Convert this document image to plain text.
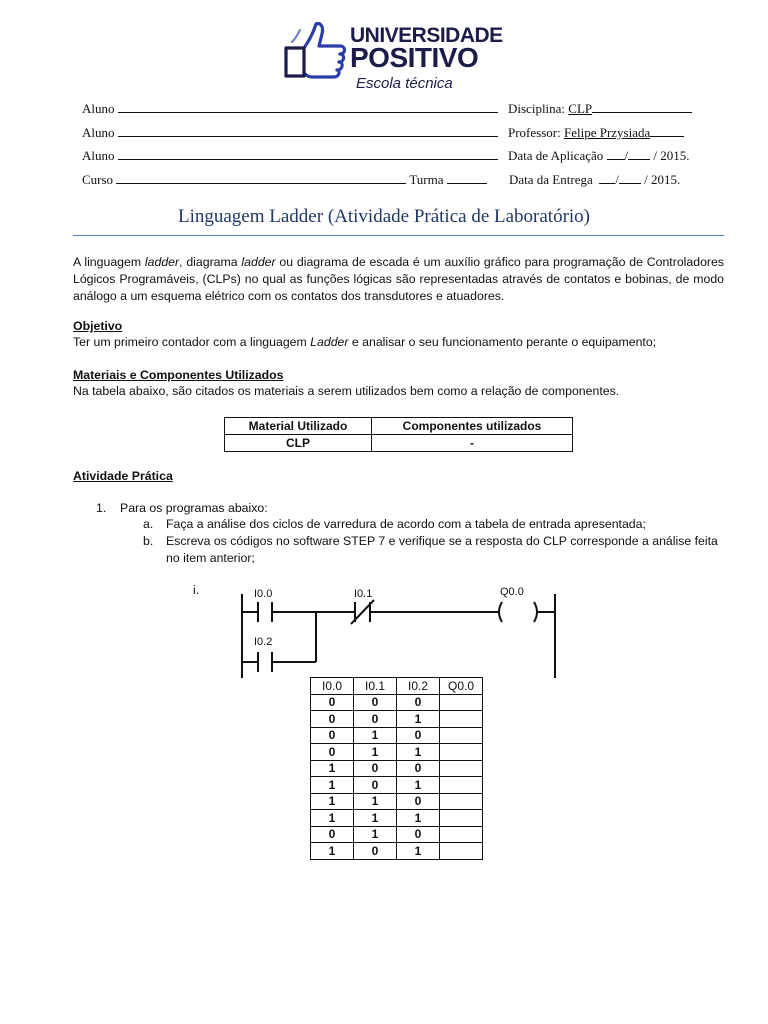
UNIVERSIDADE
POSITIVO
Escola técnica
Aluno
Aluno
Aluno
Curso	Turma
Disciplina: CLP
Professor: Felipe Przysiada
Data de Aplicação / / 2015.
Data da Entrega / / 2015.
Linguagem Ladder (Atividade Prática de Laboratório)
A linguagem ladder, diagrama ladder ou diagrama de escada é um auxílio gráfico para programação de Controladores Lógicos Programáveis, (CLPs) no qual as funções lógicas são representadas através de contatos e bobinas, de modo análogo a um esquema elétrico com os contatos dos transdutores e atuadores.
Objetivo
Ter um primeiro contador com a linguagem Ladder e analisar o seu funcionamento perante o equipamento;
Materiais e Componentes Utilizados
Na tabela abaixo, são citados os materiais a serem utilizados bem como a relação de componentes.
Material Utilizado	Componentes utilizados
CLP	-
Atividade Prática
1. Para os programas abaixo:
a. Faça a análise dos ciclos de varredura de acordo com a tabela de entrada apresentada;
b. Escreva os códigos no software STEP 7 e verifique se a resposta do CLP corresponde a análise feita
no item anterior;
i.	I0.0	I0.1
I0.2
Q0.0
I0.0	I0.1	I0.2	Q0.0
0	0	0	
0	0	1	
0	1	0	
0	1	1	
1	0	0	
1	0	1	
1	1	0	
1	1	1	
0	1	0	
1	0	1	
